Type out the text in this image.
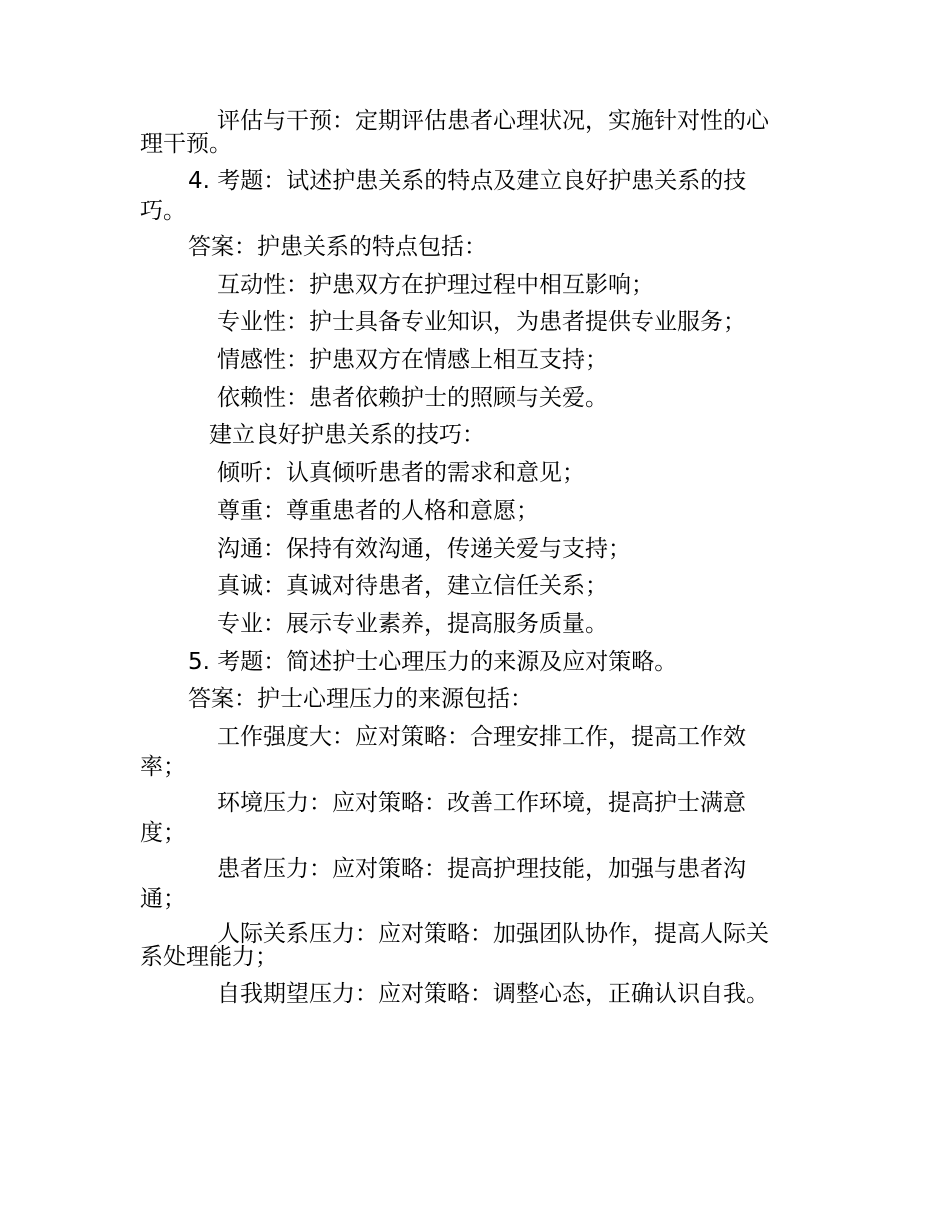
评估与干预：定期评估患者心理状况，实施针对性的心理干预。

4. 考题：试述护患关系的特点及建立良好护患关系的技巧。

答案：护患关系的特点包括：

互动性：护患双方在护理过程中相互影响；

专业性：护士具备专业知识，为患者提供专业服务；

情感性：护患双方在情感上相互支持；

依赖性：患者依赖护士的照顾与关爱。

建立良好护患关系的技巧：

倾听：认真倾听患者的需求和意见；

尊重：尊重患者的人格和意愿；

沟通：保持有效沟通，传递关爱与支持；

真诚：真诚对待患者，建立信任关系；

专业：展示专业素养，提高服务质量。

5. 考题：简述护士心理压力的来源及应对策略。

答案：护士心理压力的来源包括：

工作强度大：应对策略：合理安排工作，提高工作效率；

环境压力：应对策略：改善工作环境，提高护士满意度；

患者压力：应对策略：提高护理技能，加强与患者沟通；

人际关系压力：应对策略：加强团队协作，提高人际关系处理能力；

自我期望压力：应对策略：调整心态，正确认识自我。
